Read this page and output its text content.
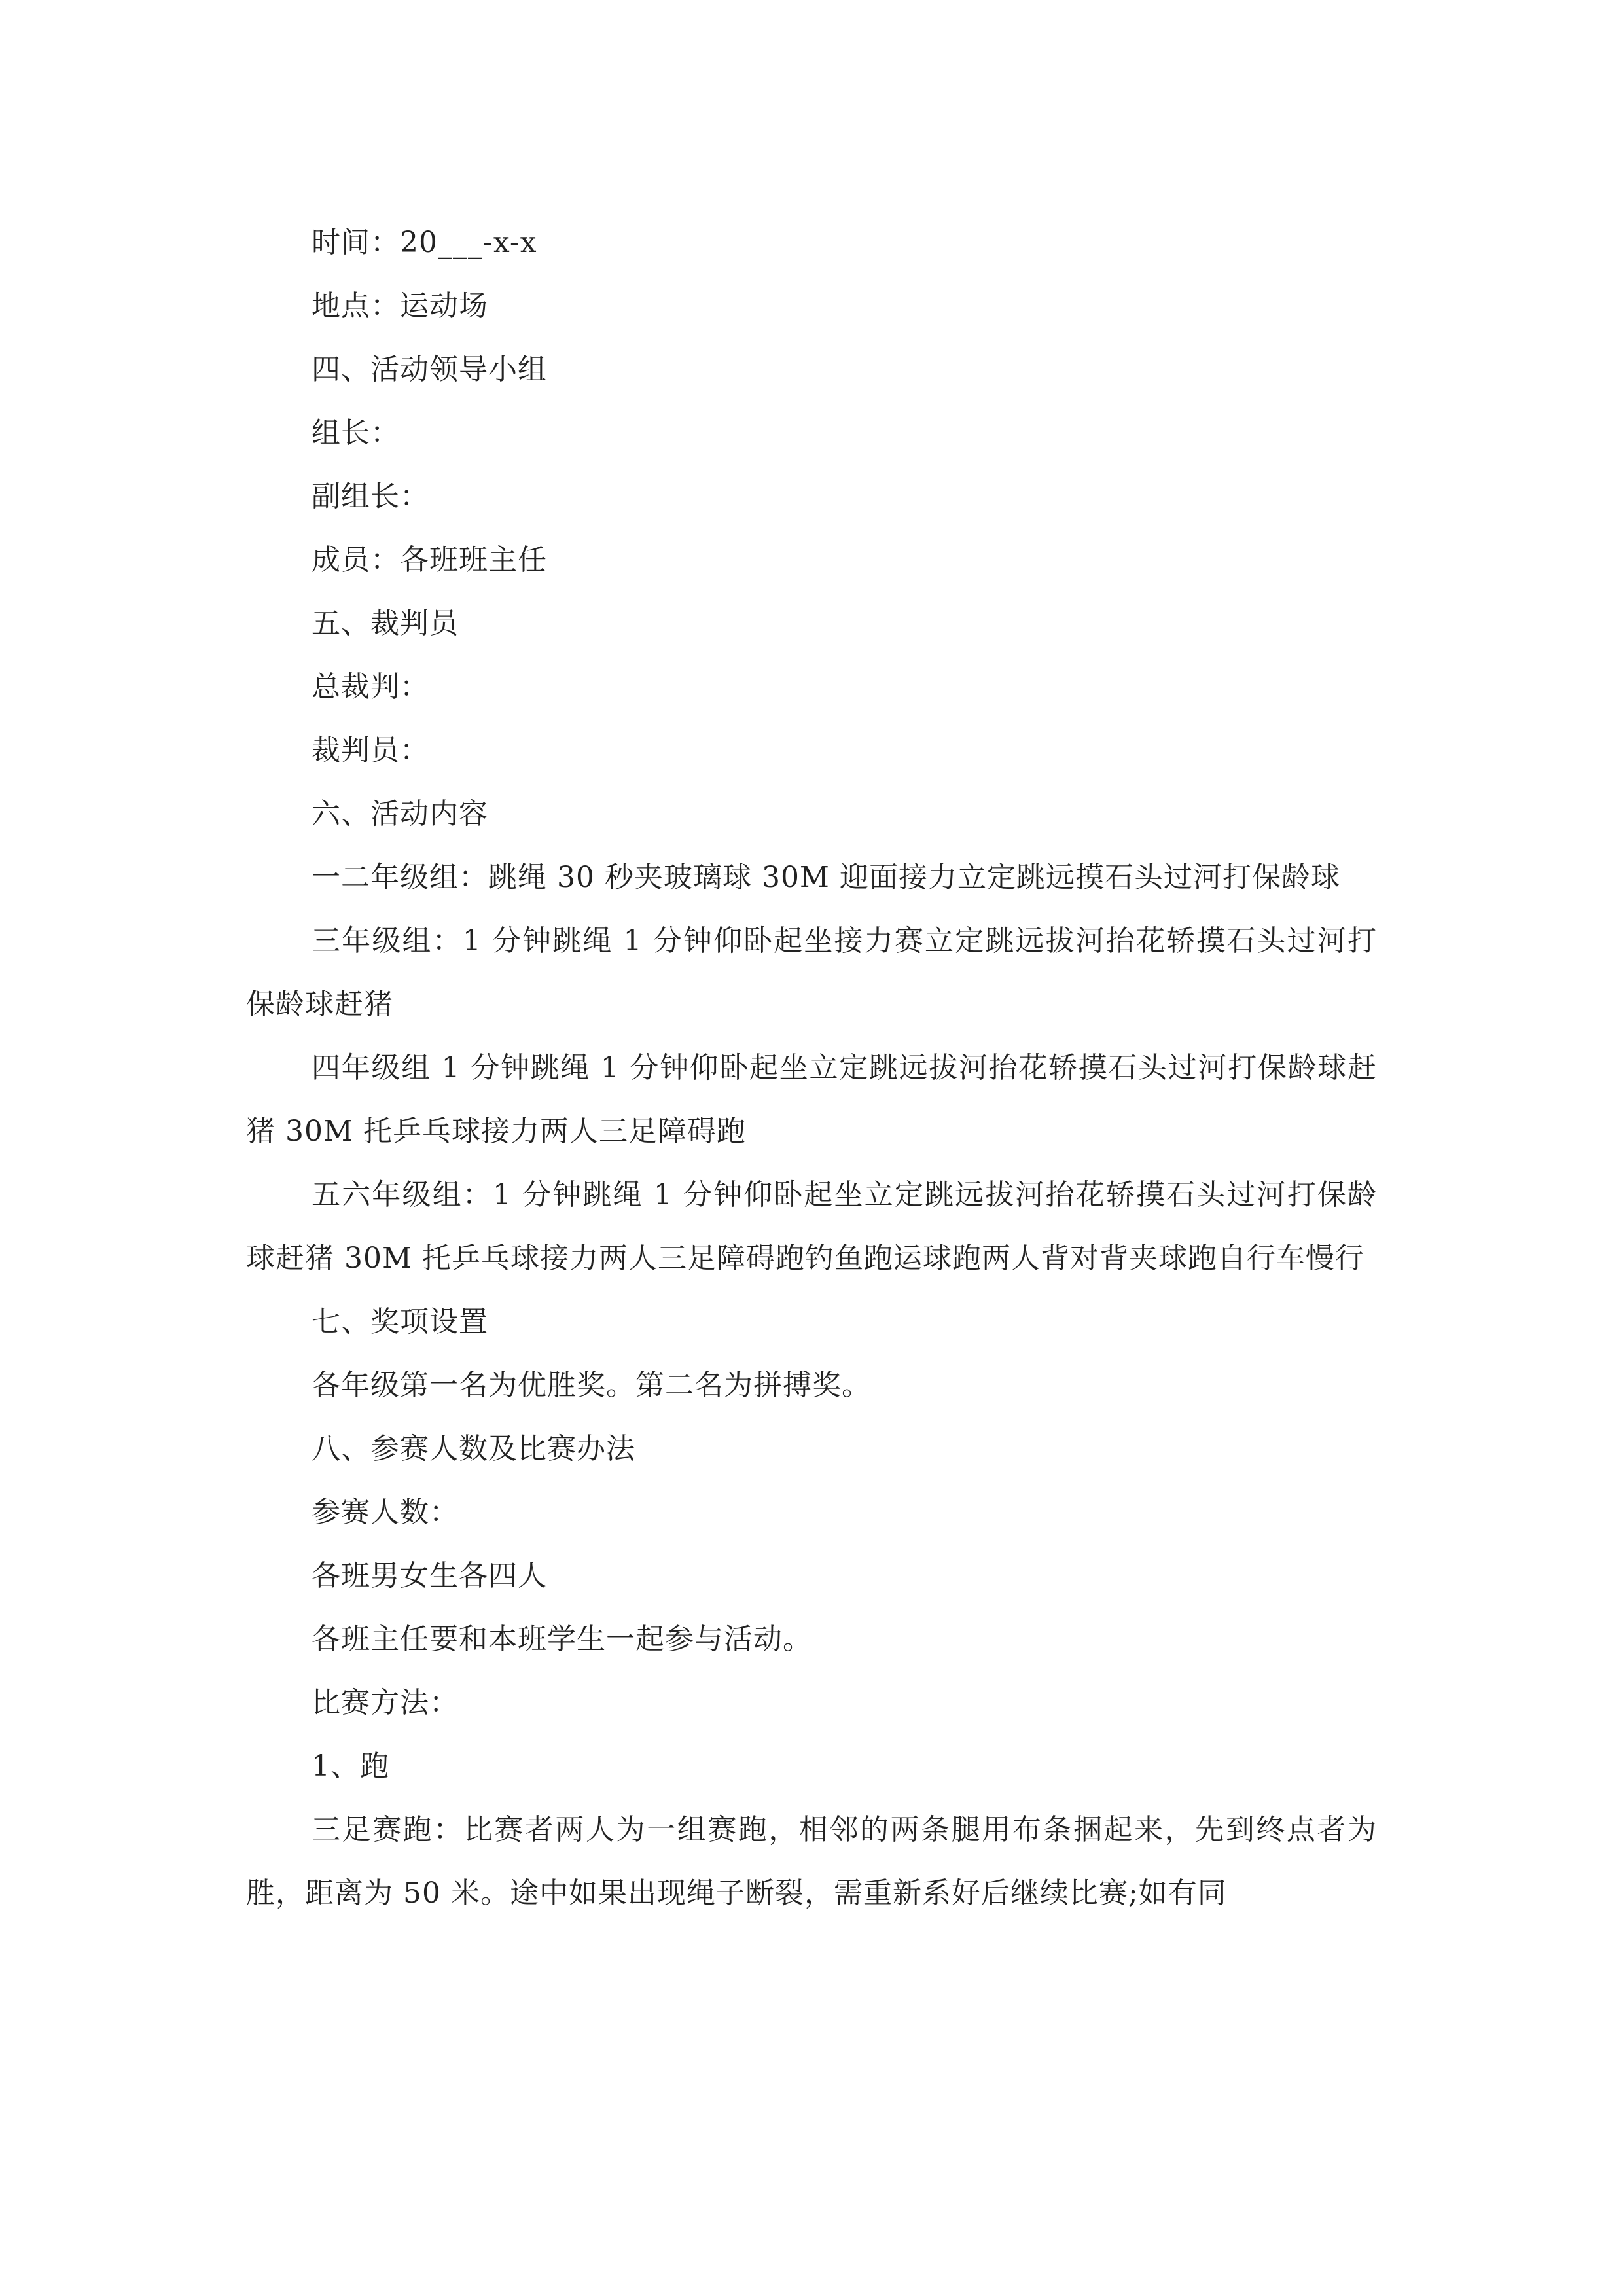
时间：20___-x-x

地点：运动场

四、活动领导小组

组长：

副组长：

成员：各班班主任

五、裁判员

总裁判：

裁判员：

六、活动内容

一二年级组：跳绳 30 秒夹玻璃球 30M 迎面接力立定跳远摸石头过河打保龄球

三年级组：1 分钟跳绳 1 分钟仰卧起坐接力赛立定跳远拔河抬花轿摸石头过河打保龄球赶猪

四年级组 1 分钟跳绳 1 分钟仰卧起坐立定跳远拔河抬花轿摸石头过河打保龄球赶猪 30M 托乒乓球接力两人三足障碍跑

五六年级组：1 分钟跳绳 1 分钟仰卧起坐立定跳远拔河抬花轿摸石头过河打保龄球赶猪 30M 托乒乓球接力两人三足障碍跑钓鱼跑运球跑两人背对背夹球跑自行车慢行

七、奖项设置

各年级第一名为优胜奖。第二名为拼搏奖。

八、参赛人数及比赛办法

参赛人数：

各班男女生各四人

各班主任要和本班学生一起参与活动。

比赛方法：

1、跑

三足赛跑：比赛者两人为一组赛跑，相邻的两条腿用布条捆起来，先到终点者为胜，距离为 50 米。途中如果出现绳子断裂，需重新系好后继续比赛;如有同
